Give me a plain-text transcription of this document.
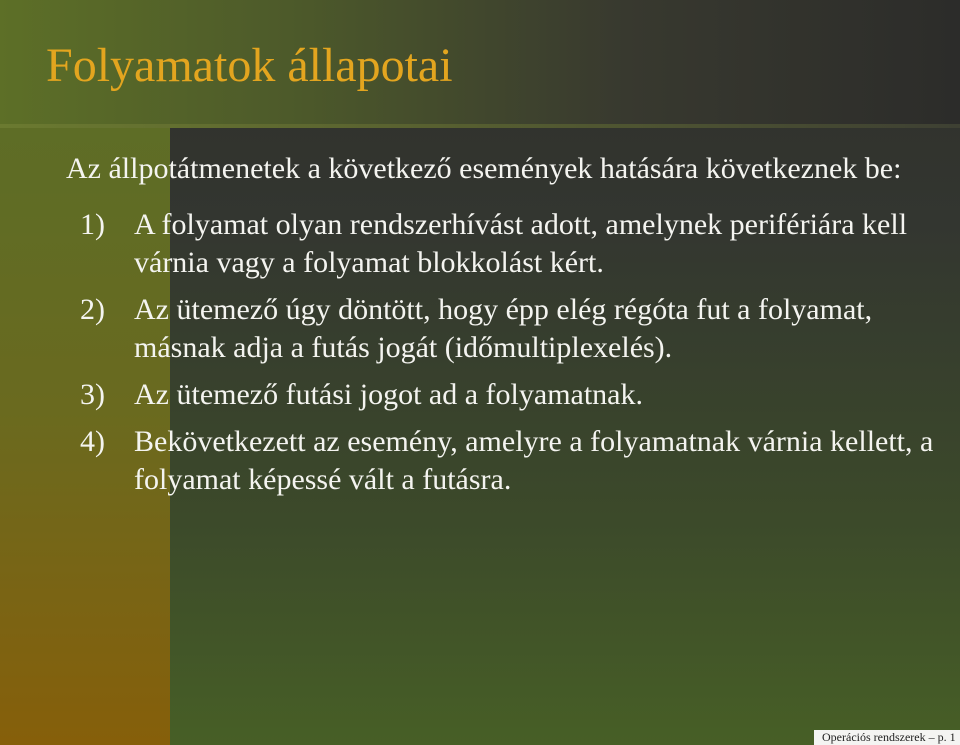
Folyamatok állapotai

Az állpotátmenetek a következő események hatására következnek be:

1) A folyamat olyan rendszerhívást adott, amelynek perifériára kell várnia vagy a folyamat blokkolást kért.
2) Az ütemező úgy döntött, hogy épp elég régóta fut a folyamat, másnak adja a futás jogát (időmultiplexelés).
3) Az ütemező futási jogot ad a folyamatnak.
4) Bekövetkezett az esemény, amelyre a folyamatnak várnia kellett, a folyamat képessé vált a futásra.
Operációs rendszerek – p. 1
